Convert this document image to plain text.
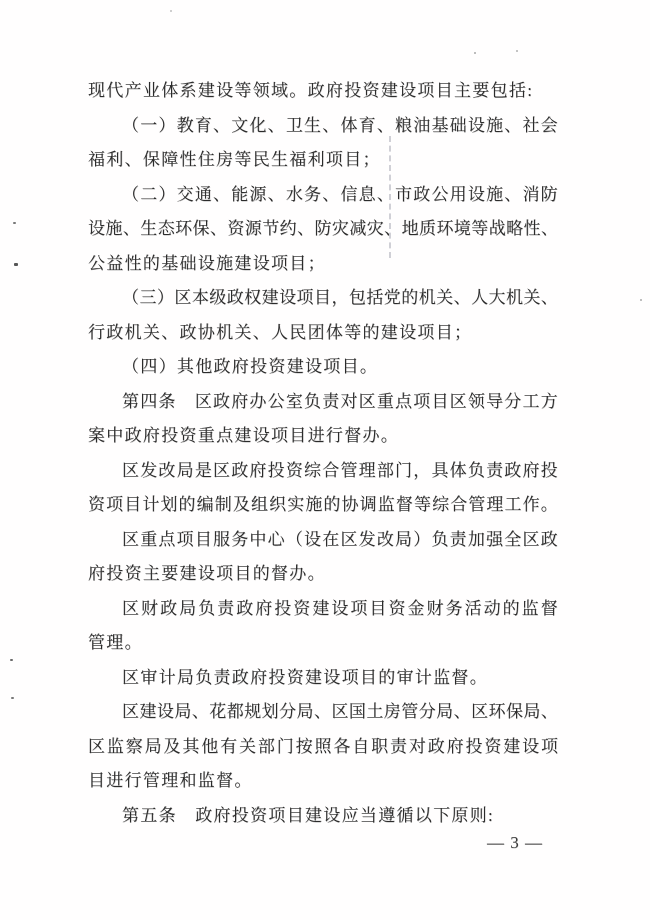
现代产业体系建设等领域。政府投资建设项目主要包括:
（ 一 ） 教 育 、 文 化 、 卫 生 、 体 育 、 粮 油 基 础 设 施 、 社 会
福利、保障性住房等民生福利项目；
（ 二 ） 交 通 、 能 源 、 水 务 、 信 息 、 市 政 公 用 设 施 、 消 防
设 施 、 生 态 环 保 、 资 源 节 约 、 防 灾 减 灾 、 地 质 环 境 等 战 略 性 、
公益性的基础设施建设项目；
（ 三 ） 区 本 级 政 权 建 设 项 目 ， 包 括 党 的 机 关 、 人 大 机 关 、
行政机关、政协机关、人民团体等的建设项目；
（四）其他政府投资建设项目。
第 四 条
　 区 政 府 办 公 室 负 责 对 区 重 点 项 目 区 领 导 分 工 方
案中政府投资重点建设项目进行督办。
区 发 改 局 是 区 政 府 投 资 综 合 管 理 部 门 ， 具 体 负 责 政 府 投
资 项 目 计 划 的 编 制 及 组 织 实 施 的 协 调 监 督 等 综 合 管 理 工 作 。
区 重 点 项 目 服 务 中 心 （ 设 在 区 发 改 局 ） 负 责 加 强 全 区 政
府投资主要建设项目的督办。
区 财 政 局 负 责 政 府 投 资 建 设 项 目 资 金 财 务 活 动 的 监 督
管理。
区审计局负责政府投资建设项目的审计监督。
区 建 设 局 、 花 都 规 划 分 局 、 区 国 土 房 管 分 局 、 区 环 保 局 、
区 监 察 局 及 其 他 有 关 部 门 按 照 各 自 职 责 对 政 府 投 资 建 设 项
目进行管理和监督。
第五条　政府投资项目建设应当遵循以下原则:
— 3 —
